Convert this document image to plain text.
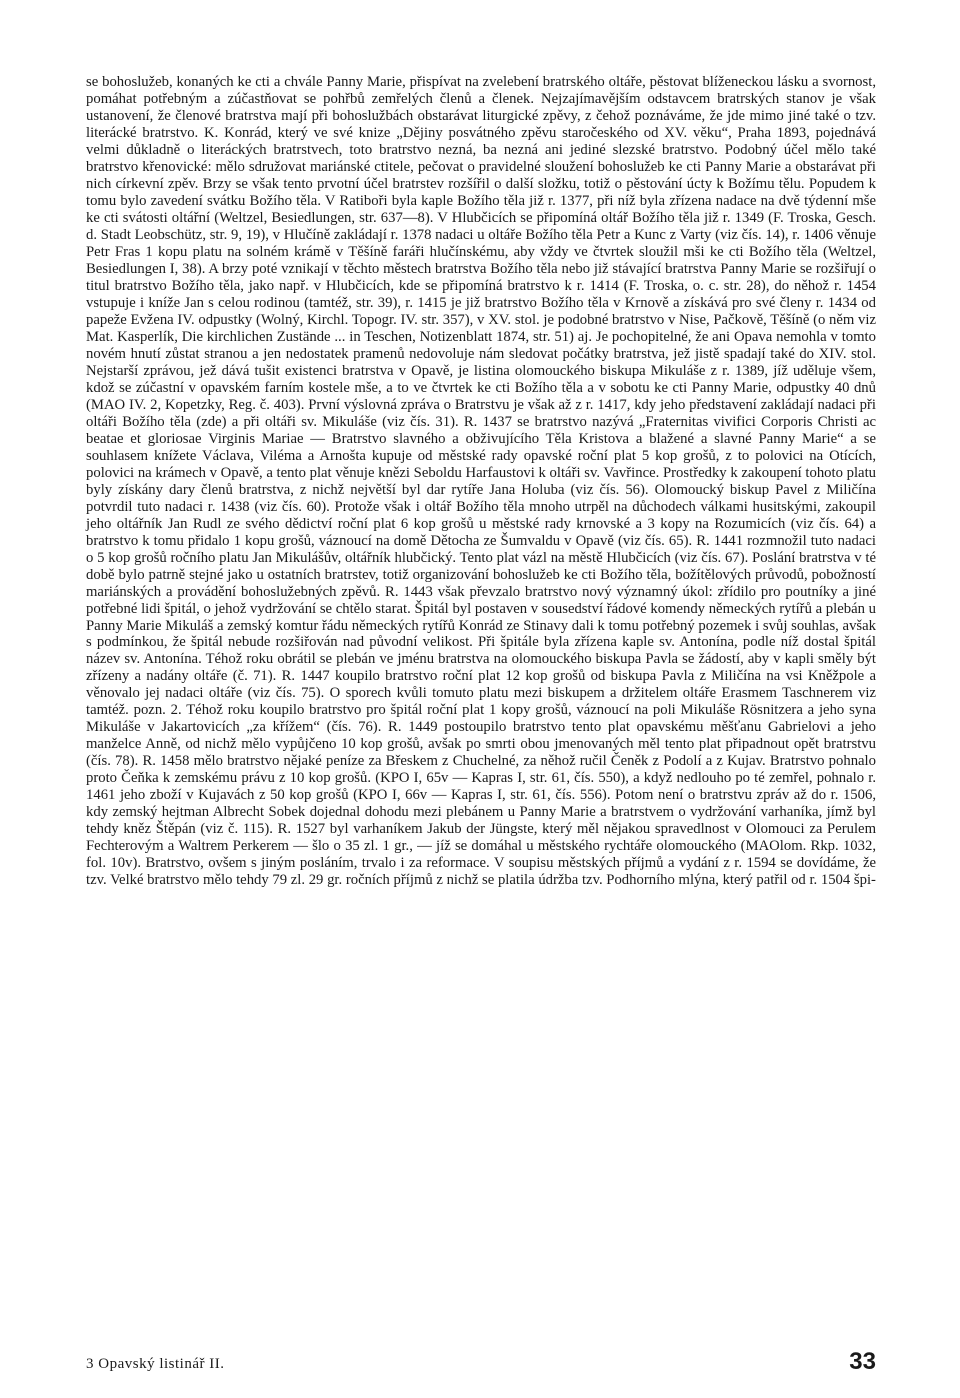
se bohoslužeb, konaných ke cti a chvále Panny Marie, přispívat na zvelebení bratrského oltáře, pěstovat blíženeckou lásku a svornost, pomáhat potřebným a zúčastňovat se pohřbů zemřelých členů a členek. Nejzajímavějším odstavcem bratrských stanov je však ustanovení, že členové bratrstva mají při bohoslužbách obstarávat liturgické zpěvy, z čehož poznáváme, že jde mimo jiné také o tzv. literácké bratrstvo. K. Konrád, který ve své knize „Dějiny posvátného zpěvu staročeského od XV. věku“, Praha 1893, pojednává velmi důkladně o literáckých bratrstvech, toto bratrstvo nezná, ba nezná ani jediné slezské bratrstvo. Podobný účel mělo také bratrstvo křenovické: mělo sdružovat mariánské ctitele, pečovat o pravidelné sloužení bohoslužeb ke cti Panny Marie a obstarávat při nich církevní zpěv. Brzy se však tento prvotní účel bratrstev rozšířil o další složku, totiž o pěstování úcty k Božímu tělu. Popudem k tomu bylo zavedení svátku Božího těla. V Ratiboři byla kaple Božího těla již r. 1377, při níž byla zřízena nadace na dvě týdenní mše ke cti svátosti oltářní (Weltzel, Besiedlungen, str. 637—8). V Hlubčicích se připomíná oltář Božího těla již r. 1349 (F. Troska, Gesch. d. Stadt Leobschütz, str. 9, 19), v Hlučíně zakládají r. 1378 nadaci u oltáře Božího těla Petr a Kunc z Varty (viz čís. 14), r. 1406 věnuje Petr Fras 1 kopu platu na solném krámě v Těšíně faráři hlučínskému, aby vždy ve čtvrtek sloužil mši ke cti Božího těla (Weltzel, Besiedlungen I, 38). A brzy poté vznikají v těchto městech bratrstva Božího těla nebo již stávající bratrstva Panny Marie se rozšiřují o titul bratrstvo Božího těla, jako např. v Hlubčicích, kde se připomíná bratrstvo k r. 1414 (F. Troska, o. c. str. 28), do něhož r. 1454 vstupuje i kníže Jan s celou rodinou (tamtéž, str. 39), r. 1415 je již bratrstvo Božího těla v Krnově a získává pro své členy r. 1434 od papeže Evžena IV. odpustky (Wolný, Kirchl. Topogr. IV. str. 357), v XV. stol. je podobné bratrstvo v Nise, Pačkově, Těšíně (o něm viz Mat. Kasperlík, Die kirchlichen Zustände ... in Teschen, Notizenblatt 1874, str. 51) aj. Je pochopitelné, že ani Opava nemohla v tomto novém hnutí zůstat stranou a jen nedostatek pramenů nedovoluje nám sledovat počátky bratrstva, jež jistě spadají také do XIV. stol. Nejstarší zprávou, jež dává tušit existenci bratrstva v Opavě, je listina olomouckého biskupa Mikuláše z r. 1389, jíž uděluje všem, kdož se zúčastní v opavském farním kostele mše, a to ve čtvrtek ke cti Božího těla a v sobotu ke cti Panny Marie, odpustky 40 dnů (MAO IV. 2, Kopetzky, Reg. č. 403). První výslovná zpráva o Bratrstvu je však až z r. 1417, kdy jeho představení zakládají nadaci při oltáři Božího těla (zde) a při oltáři sv. Mikuláše (viz čís. 31). R. 1437 se bratrstvo nazývá „Fraternitas vivifici Corporis Christi ac beatae et gloriosae Virginis Mariae — Bratrstvo slavného a obživujícího Těla Kristova a blažené a slavné Panny Marie“ a se souhlasem knížete Václava, Viléma a Arnošta kupuje od městské rady opavské roční plat 5 kop grošů, z to polovici na Otících, polovici na krámech v Opavě, a tento plat věnuje knězi Seboldu Harfaustovi k oltáři sv. Vavřince. Prostředky k zakoupení tohoto platu byly získány dary členů bratrstva, z nichž největší byl dar rytíře Jana Holuba (viz čís. 56). Olomoucký biskup Pavel z Miličína potvrdil tuto nadaci r. 1438 (viz čís. 60). Protože však i oltář Božího těla mnoho utrpěl na důchodech válkami husitskými, zakoupil jeho oltářník Jan Rudl ze svého dědictví roční plat 6 kop grošů u městské rady krnovské a 3 kopy na Rozumicích (viz čís. 64) a bratrstvo k tomu přidalo 1 kopu grošů, váznoucí na domě Dětocha ze Šumvaldu v Opavě (viz čís. 65). R. 1441 rozmnožil tuto nadaci o 5 kop grošů ročního platu Jan Mikulášův, oltářník hlubčický. Tento plat vázl na městě Hlubčicích (viz čís. 67). Poslání bratrstva v té době bylo patrně stejné jako u ostatních bratrstev, totiž organizování bohoslužeb ke cti Božího těla, božítělových průvodů, pobožností mariánských a provádění bohoslužebných zpěvů. R. 1443 však převzalo bratrstvo nový významný úkol: zřídilo pro poutníky a jiné potřebné lidi špitál, o jehož vydržování se chtělo starat. Špitál byl postaven v sousedství řádové komendy německých rytířů a plebán u Panny Marie Mikuláš a zemský komtur řádu německých rytířů Konrád ze Stinavy dali k tomu potřebný pozemek i svůj souhlas, avšak s podmínkou, že špitál nebude rozšiřován nad původní velikost. Při špitále byla zřízena kaple sv. Antonína, podle níž dostal špitál název sv. Antonína. Téhož roku obrátil se plebán ve jménu bratrstva na olomouckého biskupa Pavla se žádostí, aby v kapli směly být zřízeny a nadány oltáře (č. 71). R. 1447 koupilo bratrstvo roční plat 12 kop grošů od biskupa Pavla z Miličína na vsi Kněžpole a věnovalo jej nadaci oltáře (viz čís. 75). O sporech kvůli tomuto platu mezi biskupem a držitelem oltáře Erasmem Taschnerem viz tamtéž. pozn. 2. Téhož roku koupilo bratrstvo pro špitál roční plat 1 kopy grošů, váznoucí na poli Mikuláše Rösnitzera a jeho syna Mikuláše v Jakartovicích „za křížem“ (čís. 76). R. 1449 postoupilo bratrstvo tento plat opavskému měšťanu Gabrielovi a jeho manželce Anně, od nichž mělo vypůjčeno 10 kop grošů, avšak po smrti obou jmenovaných měl tento plat připadnout opět bratrstvu (čís. 78). R. 1458 mělo bratrstvo nějaké peníze za Břeskem z Chuchelné, za něhož ručil Čeněk z Podolí a z Kujav. Bratrstvo pohnalo proto Čeňka k zemskému právu z 10 kop grošů. (KPO I, 65v — Kapras I, str. 61, čís. 550), a když nedlouho po té zemřel, pohnalo r. 1461 jeho zboží v Kujavách z 50 kop grošů (KPO I, 66v — Kapras I, str. 61, čís. 556). Potom není o bratrstvu zpráv až do r. 1506, kdy zemský hejtman Albrecht Sobek dojednal dohodu mezi plebánem u Panny Marie a bratrstvem o vydržování varhaníka, jímž byl tehdy kněz Štěpán (viz č. 115). R. 1527 byl varhaníkem Jakub der Jüngste, který měl nějakou spravedlnost v Olomouci za Perulem Fechterovým a Waltrem Perkerem — šlo o 35 zl. 1 gr., — jíž se domáhal u městského rychtáře olomouckého (MAOlom. Rkp. 1032, fol. 10v). Bratrstvo, ovšem s jiným posláním, trvalo i za reformace. V soupisu městských příjmů a vydání z r. 1594 se dovídáme, že tzv. Velké bratrstvo mělo tehdy 79 zl. 29 gr. ročních příjmů z nichž se platila údržba tzv. Podhorního mlýna, který patřil od r. 1504 špi-

3 Opavský listinář II.	33
